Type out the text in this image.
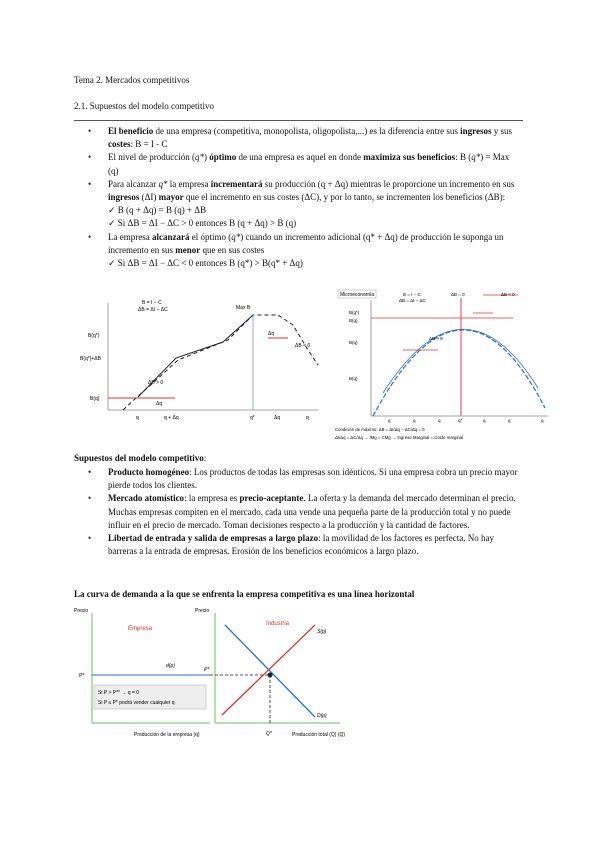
Tema 2. Mercados competitivos
2.1. Supuestos del modelo competitivo
• El beneficio de una empresa (competitiva, monopolista, oligopolista,...) es la diferencia entre sus ingresos y sus costes: B = I - C
• El nivel de producción (q*) óptimo de una empresa es aquel en donde maximiza sus beneficios: B (q*) = Max (q)
• Para alcanzar q* la empresa incrementará su producción (q + Δq) mientras le proporcione un incremento en sus ingresos (ΔI) mayor que el incremento en sus costes (ΔC), y por lo tanto, se incrementen los beneficios (ΔB):
✓ B (q + Δq) = B (q) + ΔB
✓ Si ΔB = ΔI − ΔC > 0 entonces B (q + Δq) > B (q)
• La empresa alcanzará el óptimo (q*) cuando un incremento adicional (q* + Δq) de producción le suponga un incremento en sus menor que en sus costes
✓ Si ΔB = ΔI − ΔC < 0 entonces B (q*) > B(q* + Δq)
B = I − C
ΔB = ΔI − ΔC	Max B
B(q*)
B(q*)+ΔB
B(q)
q	q + Δq	q*	Δq	q
ΔB > 0
Δq
Δq
ΔB < 0
Microeconomía	B = I − C
ΔB = ΔI − ΔC
ΔB = 0	ΔB < 0
ΔB > 0
B(q*)
B(q)
B(q)
B(q)
q	q	q	q*	q	q	q
Condición de máximo: ΔB = ΔI/Δq − ΔC/Δq = 0
ΔI/Δq = ΔC/Δq → IMg = CMg → Ingreso Marginal = Coste marginal
Supuestos del modelo competitivo:
• Producto homogéneo: Los productos de todas las empresas son idénticos. Si una empresa cobra un precio mayor pierde todos los clientes.
• Mercado atomístico: la empresa es precio-aceptante. La oferta y la demanda del mercado determinan el precio. Muchas empresas compiten en el mercado, cada una vende una pequeña parte de la producción total y no puede influir en el precio de mercado. Toman decisiones respecto a la producción y la cantidad de factores.
• Libertad de entrada y salida de empresas a largo plazo: la movilidad de los factores es perfecta. No hay barreras a la entrada de empresas. Erosión de los beneficios económicos a largo plazo.
La curva de demanda a la que se enfrenta la empresa competitiva es una línea horizontal
Precio
Empresa
P*
d(p)
Si P > P** → q = 0
Si P ≤ P* podrá vender cualquier q
Producción de la empresa (q)
Precio
Industria
P*
S(p)
D(p)
Q*	Producción total (Q) (Q)
